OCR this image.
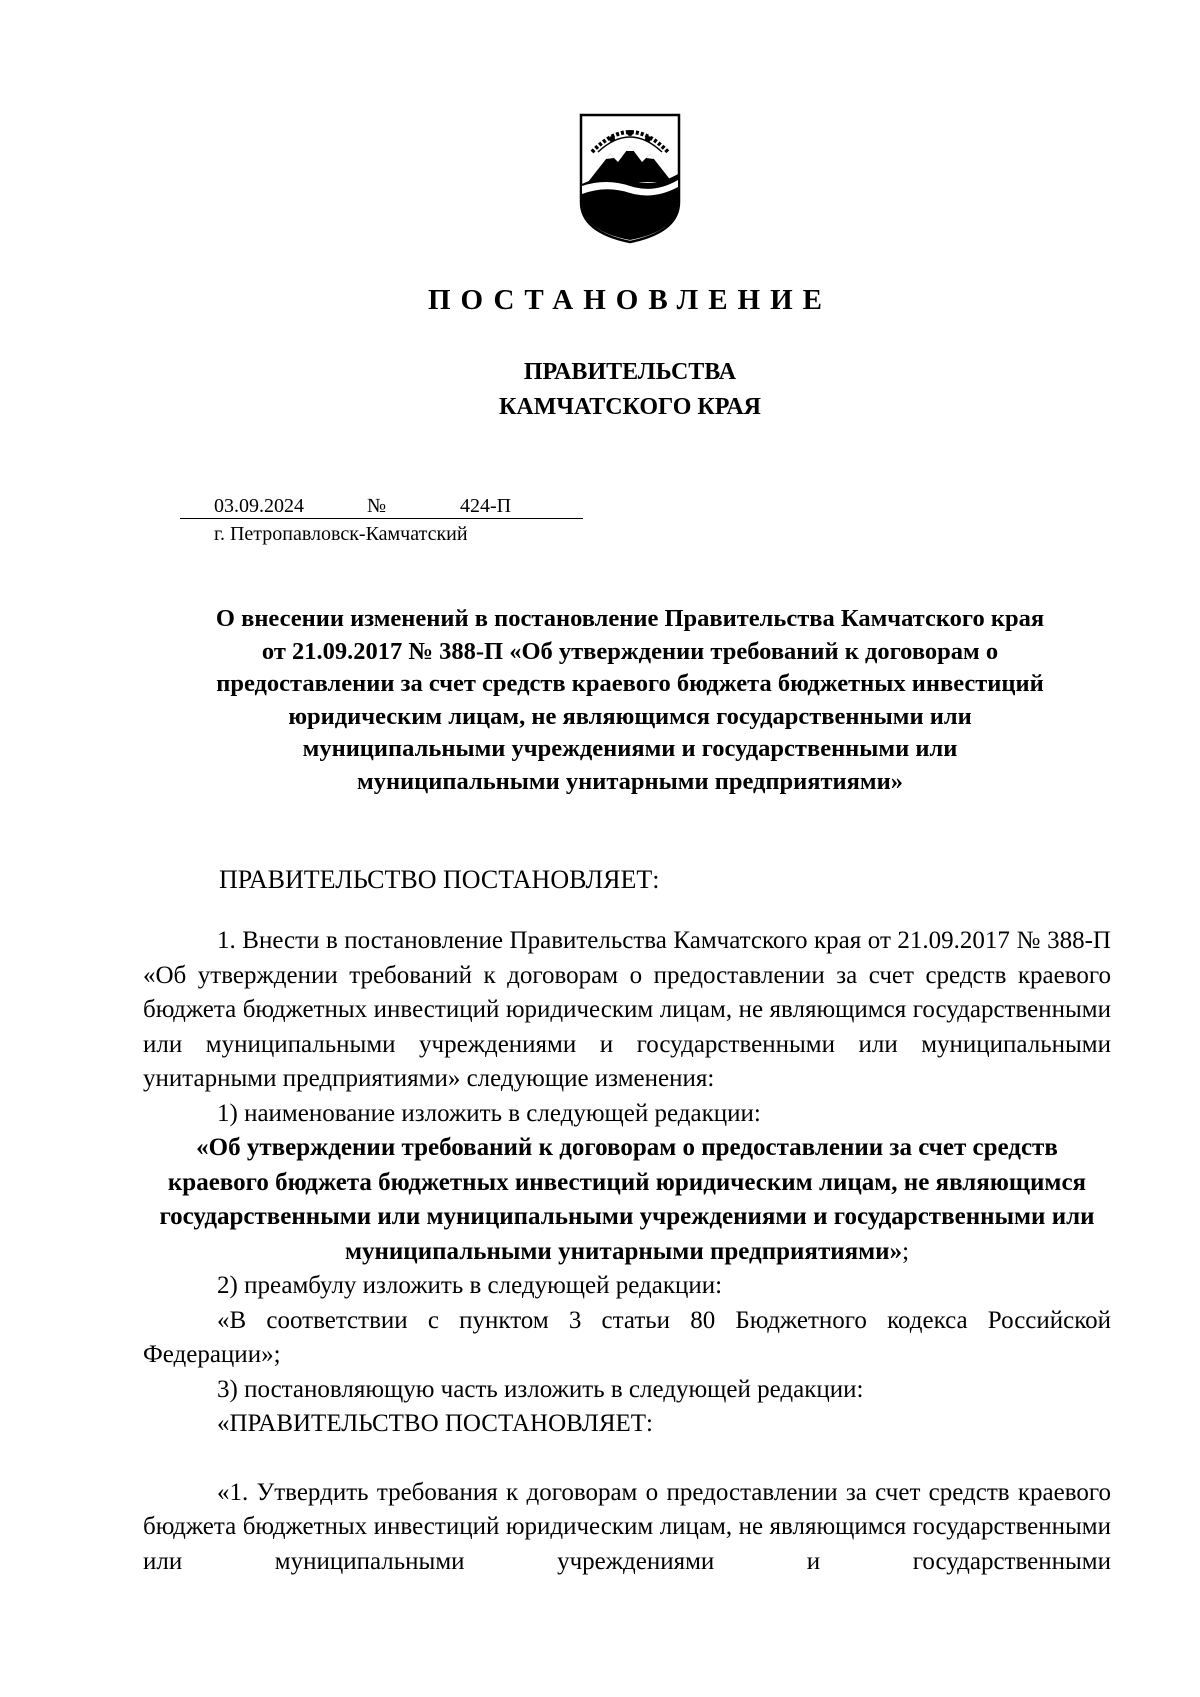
ПОСТАНОВЛЕНИЕ
ПРАВИТЕЛЬСТВА
КАМЧАТСКОГО КРАЯ
03.09.2024	№	424-П
г. Петропавловск-Камчатский
О внесении изменений в постановление Правительства Камчатского края
от 21.09.2017 № 388-П «Об утверждении требований к договорам о
предоставлении за счет средств краевого бюджета бюджетных инвестиций
юридическим лицам, не являющимся государственными или
муниципальными учреждениями и государственными или
муниципальными унитарными предприятиями»
ПРАВИТЕЛЬСТВО ПОСТАНОВЛЯЕТ:

1. Внести в постановление Правительства Камчатского края от 21.09.2017 № 388-П «Об утверждении требований к договорам о предоставлении за счет средств краевого бюджета бюджетных инвестиций юридическим лицам, не являющимся государственными или муниципальными учреждениями и государственными или муниципальными унитарными предприятиями» следующие изменения:

1) наименование изложить в следующей редакции:

«Об утверждении требований к договорам о предоставлении за счет средств краевого бюджета бюджетных инвестиций юридическим лицам, не являющимся государственными или муниципальными учреждениями и государственными или муниципальными унитарными предприятиями»;

2) преамбулу изложить в следующей редакции:

«В соответствии с пунктом 3 статьи 80 Бюджетного кодекса Российской Федерации»;

3) постановляющую часть изложить в следующей редакции:

«ПРАВИТЕЛЬСТВО ПОСТАНОВЛЯЕТ:

«1. Утвердить требования к договорам о предоставлении за счет средств краевого бюджета бюджетных инвестиций юридическим лицам, не являющимся государственными или муниципальными учреждениями и государственными
